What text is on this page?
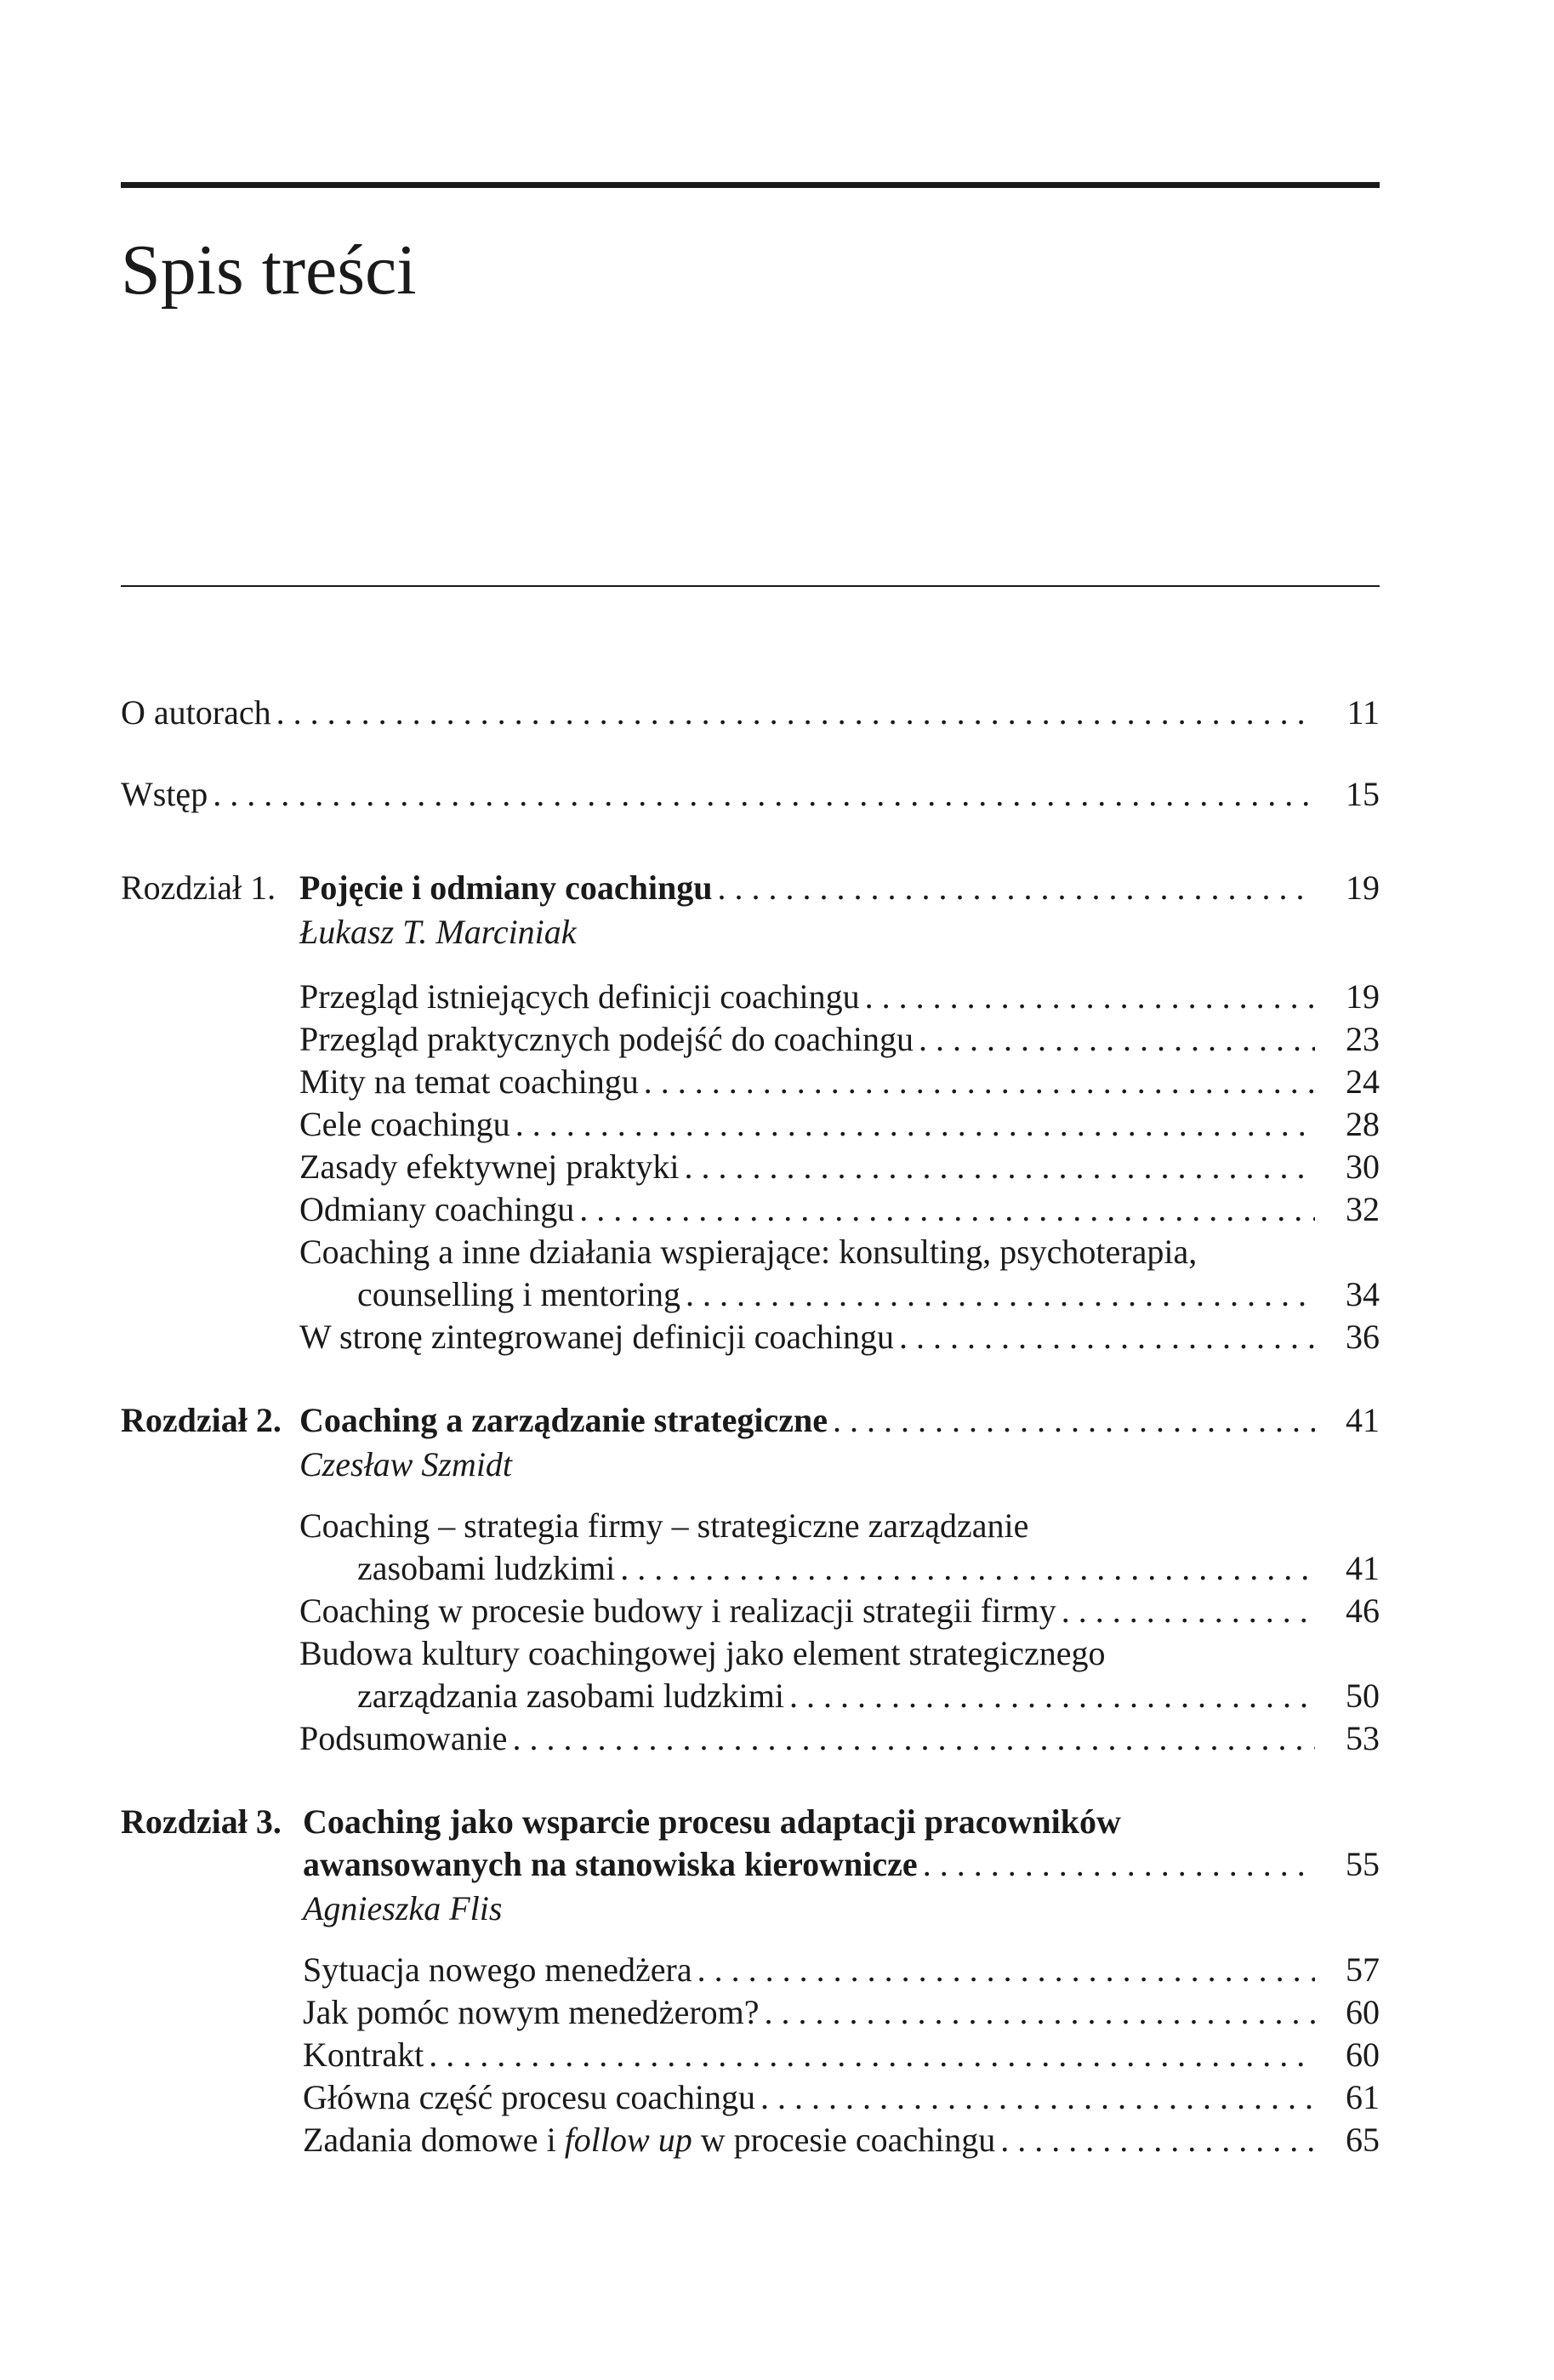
Spis treści
O autorach . . .	11
Wstęp . . .	15
Rozdział 1. Pojęcie i odmiany coachingu . . .	19
Łukasz T. Marciniak
Przegląd istniejących definicji coachingu . . .	19
Przegląd praktycznych podejść do coachingu . . .	23
Mity na temat coachingu . . .	24
Cele coachingu . . .	28
Zasady efektywnej praktyki . . .	30
Odmiany coachingu . . .	32
Coaching a inne działania wspierające: konsulting, psychoterapia,
counselling i mentoring . . .	34
W stronę zintegrowanej definicji coachingu . . .	36
Rozdział 2. Coaching a zarządzanie strategiczne . . .	41
Czesław Szmidt
Coaching – strategia firmy – strategiczne zarządzanie
zasobami ludzkimi . . .	41
Coaching w procesie budowy i realizacji strategii firmy . . .	46
Budowa kultury coachingowej jako element strategicznego
zarządzania zasobami ludzkimi . . .	50
Podsumowanie . . .	53
Rozdział 3. Coaching jako wsparcie procesu adaptacji pracowników
awansowanych na stanowiska kierownicze . . .	55
Agnieszka Flis
Sytuacja nowego menedżera . . .	57
Jak pomóc nowym menedżerom? . . .	60
Kontrakt . . .	60
Główna część procesu coachingu . . .	61
Zadania domowe i follow up w procesie coachingu . . .	65
